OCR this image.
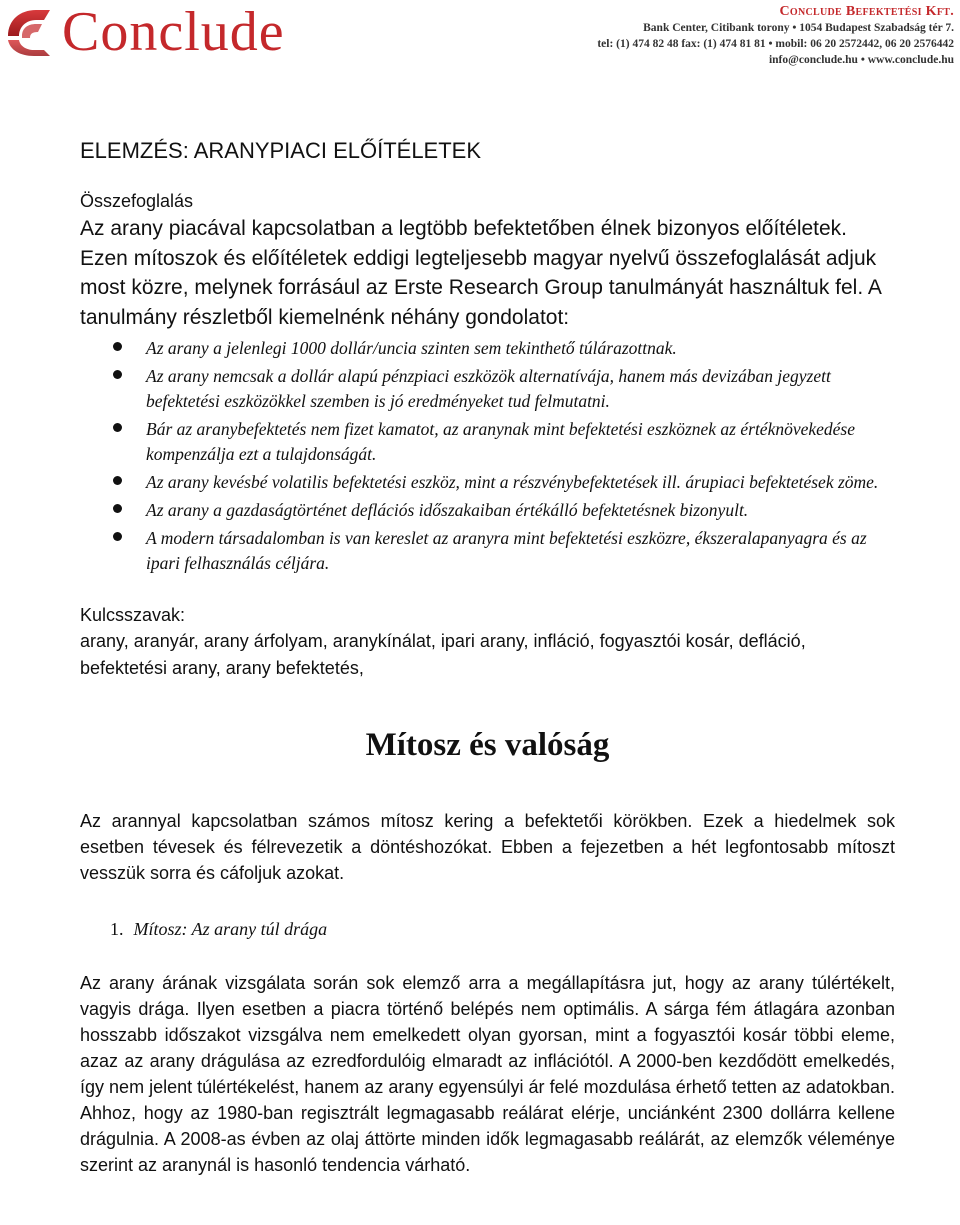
Conclude	Conclude Befektetési Kft.
Bank Center, Citibank torony • 1054 Budapest Szabadság tér 7.
tel: (1) 474 82 48 fax: (1) 474 81 81 • mobil: 06 20 2572442, 06 20 2576442
info@conclude.hu • www.conclude.hu
ELEMZÉS: ARANYPIACI ELŐÍTÉLETEK
Összefoglalás

Az arany piacával kapcsolatban a legtöbb befektetőben élnek bizonyos előítéletek. Ezen mítoszok és előítéletek eddigi legteljesebb magyar nyelvű összefoglalását adjuk most közre, melynek forrásául az Erste Research Group tanulmányát használtuk fel. A tanulmány részletből kiemelnénk néhány gondolatot:

Az arany a jelenlegi 1000 dollár/uncia szinten sem tekinthető túlárazottnak.
Az arany nemcsak a dollár alapú pénzpiaci eszközök alternatívája, hanem más devizában jegyzett befektetési eszközökkel szemben is jó eredményeket tud felmutatni.
Bár az aranybefektetés nem fizet kamatot, az aranynak mint befektetési eszköznek az értéknövekedése kompenzálja ezt a tulajdonságát.
Az arany kevésbé volatilis befektetési eszköz, mint a részvénybefektetések ill. árupiaci befektetések zöme.
Az arany a gazdaságtörténet deflációs időszakaiban értékálló befektetésnek bizonyult.
A modern társadalomban is van kereslet az aranyra mint befektetési eszközre, ékszeralapanyagra és az ipari felhasználás céljára.
Kulcsszavak:

arany, aranyár, arany árfolyam, aranykínálat, ipari arany, infláció, fogyasztói kosár, defláció, befektetési arany, arany befektetés,

Mítosz és valóság

Az arannyal kapcsolatban számos mítosz kering a befektetői körökben. Ezek a hiedelmek sok esetben tévesek és félrevezetik a döntéshozókat. Ebben a fejezetben a hét legfontosabb mítoszt vesszük sorra és cáfoljuk azokat.

1. Mítosz: Az arany túl drága

Az arany árának vizsgálata során sok elemző arra a megállapításra jut, hogy az arany túlértékelt, vagyis drága. Ilyen esetben a piacra történő belépés nem optimális. A sárga fém átlagára azonban hosszabb időszakot vizsgálva nem emelkedett olyan gyorsan, mint a fogyasztói kosár többi eleme, azaz az arany drágulása az ezredfordulóig elmaradt az inflációtól. A 2000-ben kezdődött emelkedés, így nem jelent túlértékelést, hanem az arany egyensúlyi ár felé mozdulása érhető tetten az adatokban. Ahhoz, hogy az 1980-ban regisztrált legmagasabb reálárat elérje, unciánként 2300 dollárra kellene drágulnia. A 2008-as évben az olaj áttörte minden idők legmagasabb reálárát, az elemzők véleménye szerint az aranynál is hasonló tendencia várható.
